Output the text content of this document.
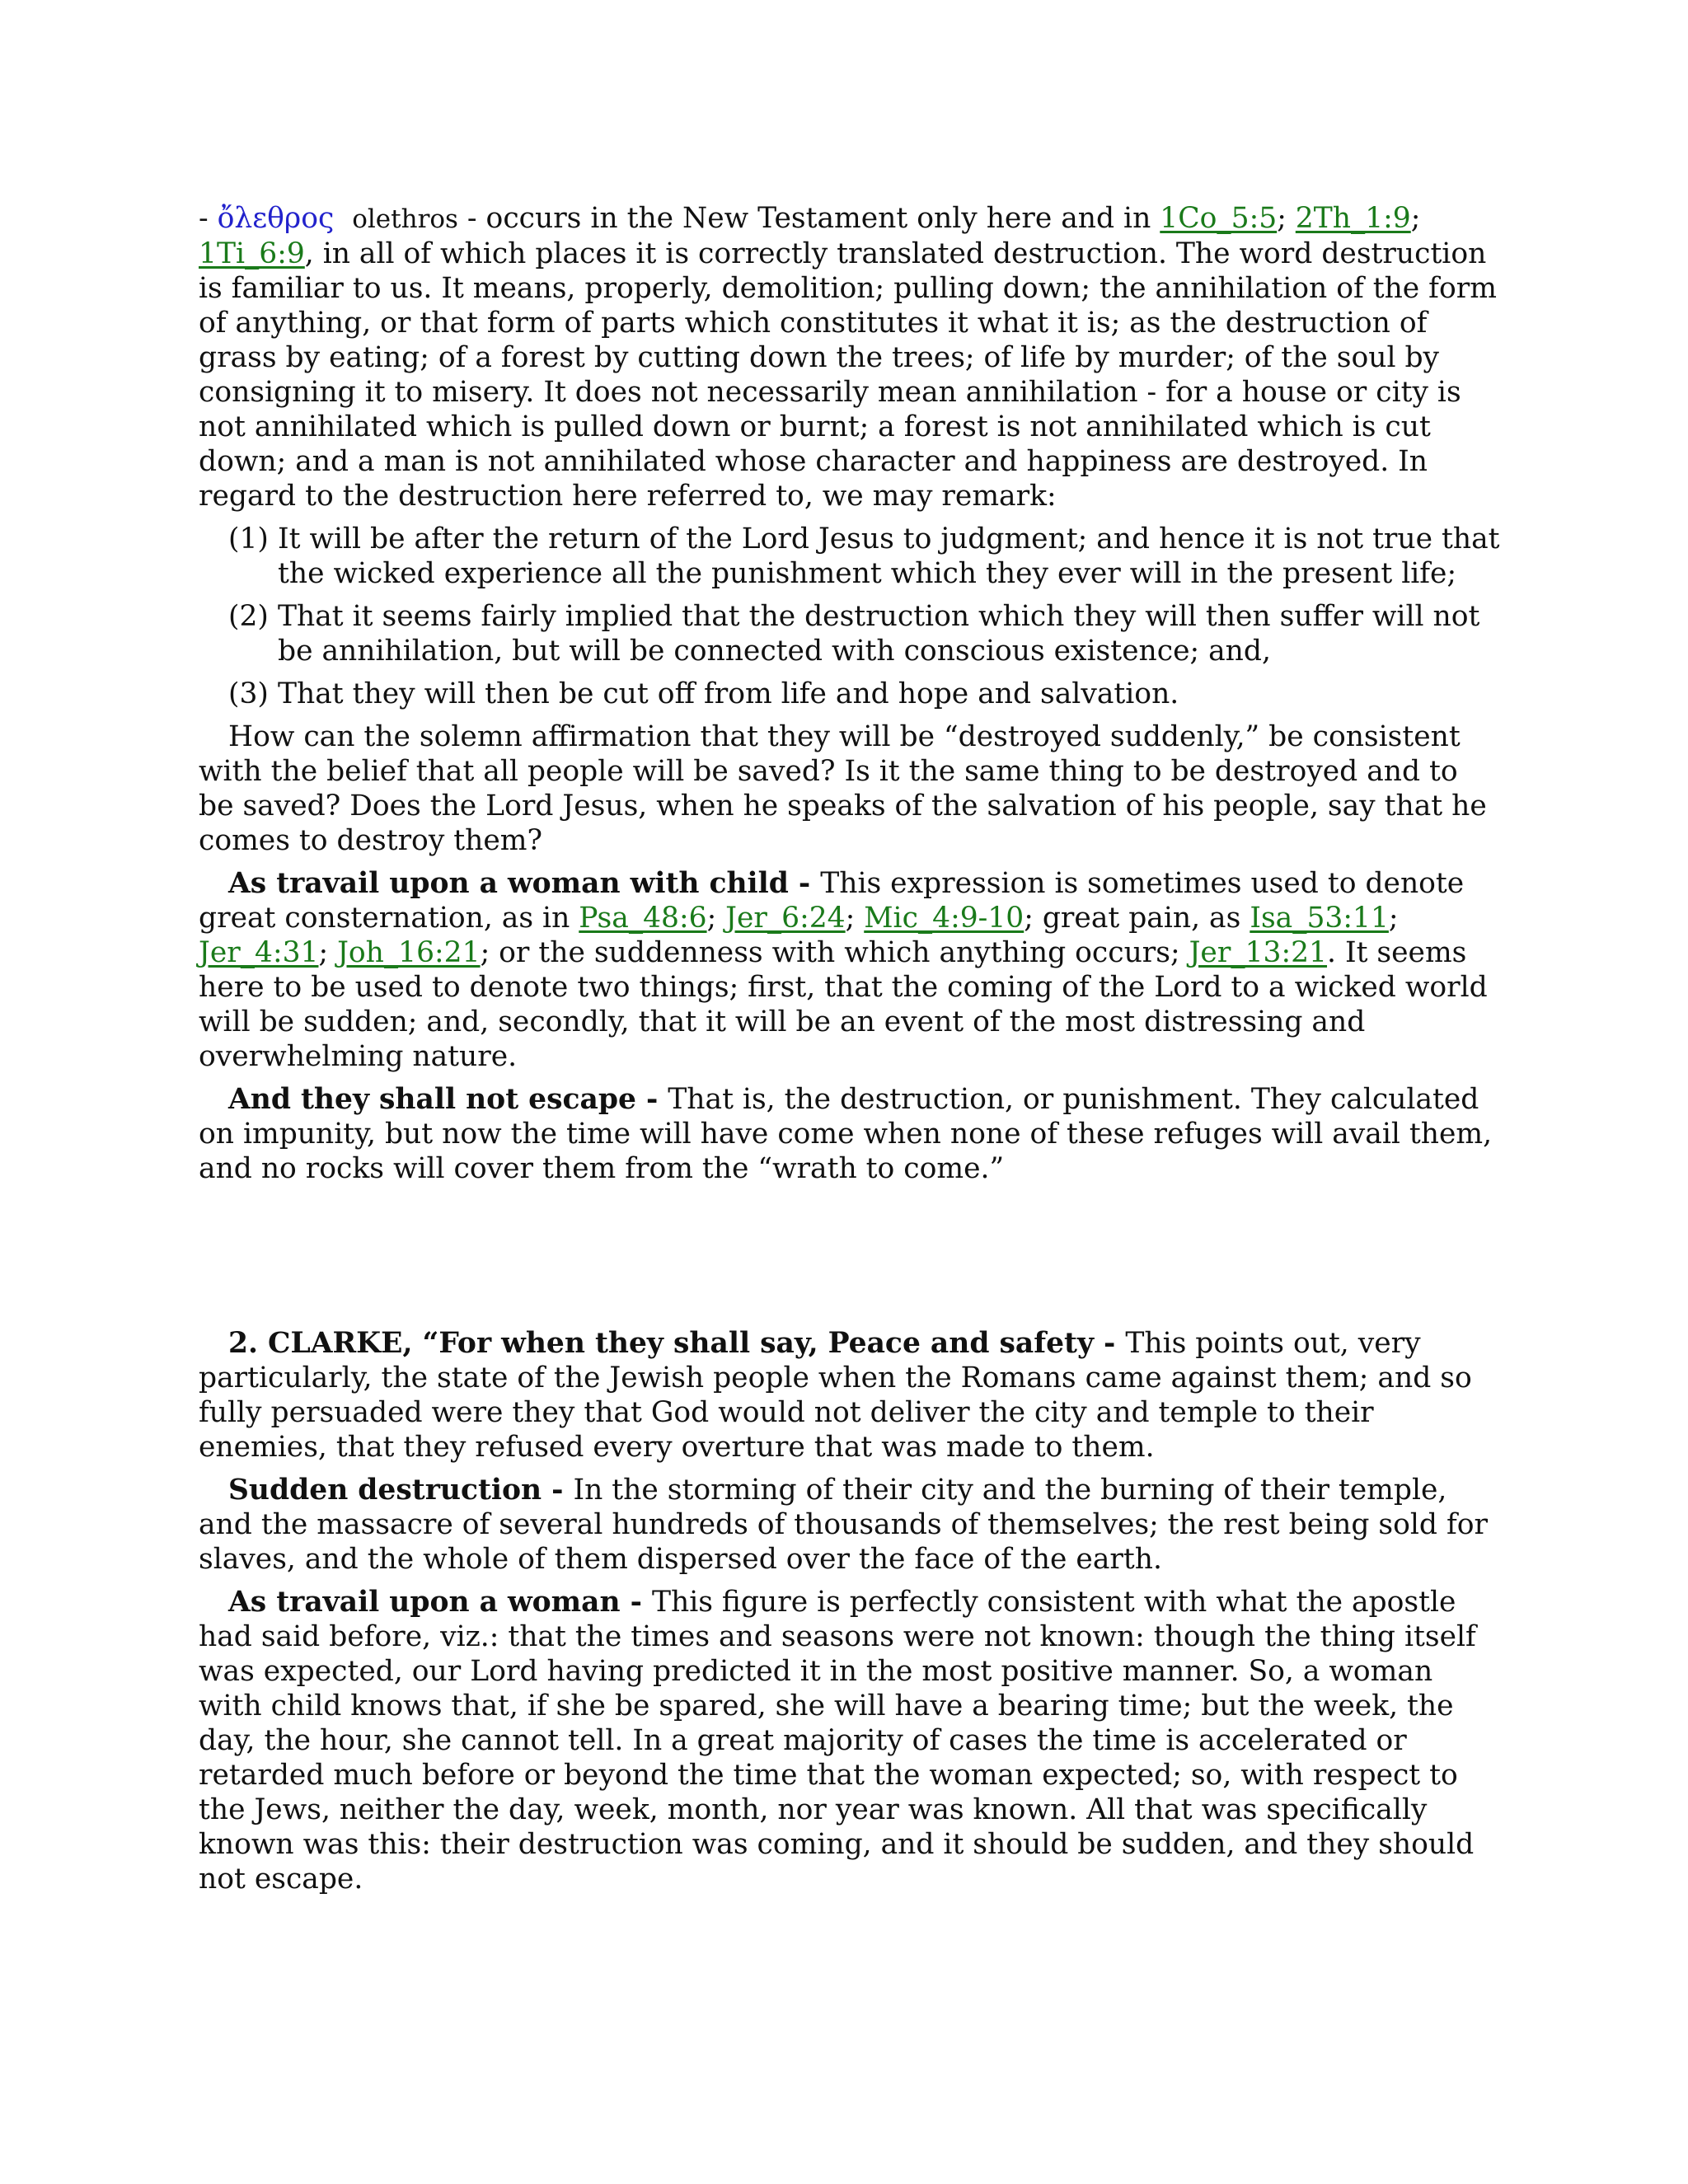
- ὄλεθρος olethros - occurs in the New Testament only here and in 1Co_5:5; 2Th_1:9; 1Ti_6:9, in all of which places it is correctly translated destruction. The word destruction is familiar to us. It means, properly, demolition; pulling down; the annihilation of the form of anything, or that form of parts which constitutes it what it is; as the destruction of grass by eating; of a forest by cutting down the trees; of life by murder; of the soul by consigning it to misery. It does not necessarily mean annihilation - for a house or city is not annihilated which is pulled down or burnt; a forest is not annihilated which is cut down; and a man is not annihilated whose character and happiness are destroyed. In regard to the destruction here referred to, we may remark:

(1) It will be after the return of the Lord Jesus to judgment; and hence it is not true that the wicked experience all the punishment which they ever will in the present life;
(2) That it seems fairly implied that the destruction which they will then suffer will not be annihilation, but will be connected with conscious existence; and,
(3) That they will then be cut off from life and hope and salvation.

How can the solemn affirmation that they will be “destroyed suddenly,” be consistent with the belief that all people will be saved? Is it the same thing to be destroyed and to be saved? Does the Lord Jesus, when he speaks of the salvation of his people, say that he comes to destroy them?

As travail upon a woman with child - This expression is sometimes used to denote great consternation, as in Psa_48:6; Jer_6:24; Mic_4:9-10; great pain, as Isa_53:11; Jer_4:31; Joh_16:21; or the suddenness with which anything occurs; Jer_13:21. It seems here to be used to denote two things; first, that the coming of the Lord to a wicked world will be sudden; and, secondly, that it will be an event of the most distressing and overwhelming nature.

And they shall not escape - That is, the destruction, or punishment. They calculated on impunity, but now the time will have come when none of these refuges will avail them, and no rocks will cover them from the “wrath to come.”

2. CLARKE, “For when they shall say, Peace and safety - This points out, very particularly, the state of the Jewish people when the Romans came against them; and so fully persuaded were they that God would not deliver the city and temple to their enemies, that they refused every overture that was made to them.

Sudden destruction - In the storming of their city and the burning of their temple, and the massacre of several hundreds of thousands of themselves; the rest being sold for slaves, and the whole of them dispersed over the face of the earth.

As travail upon a woman - This figure is perfectly consistent with what the apostle had said before, viz.: that the times and seasons were not known: though the thing itself was expected, our Lord having predicted it in the most positive manner. So, a woman with child knows that, if she be spared, she will have a bearing time; but the week, the day, the hour, she cannot tell. In a great majority of cases the time is accelerated or retarded much before or beyond the time that the woman expected; so, with respect to the Jews, neither the day, week, month, nor year was known. All that was specifically known was this: their destruction was coming, and it should be sudden, and they should not escape.
